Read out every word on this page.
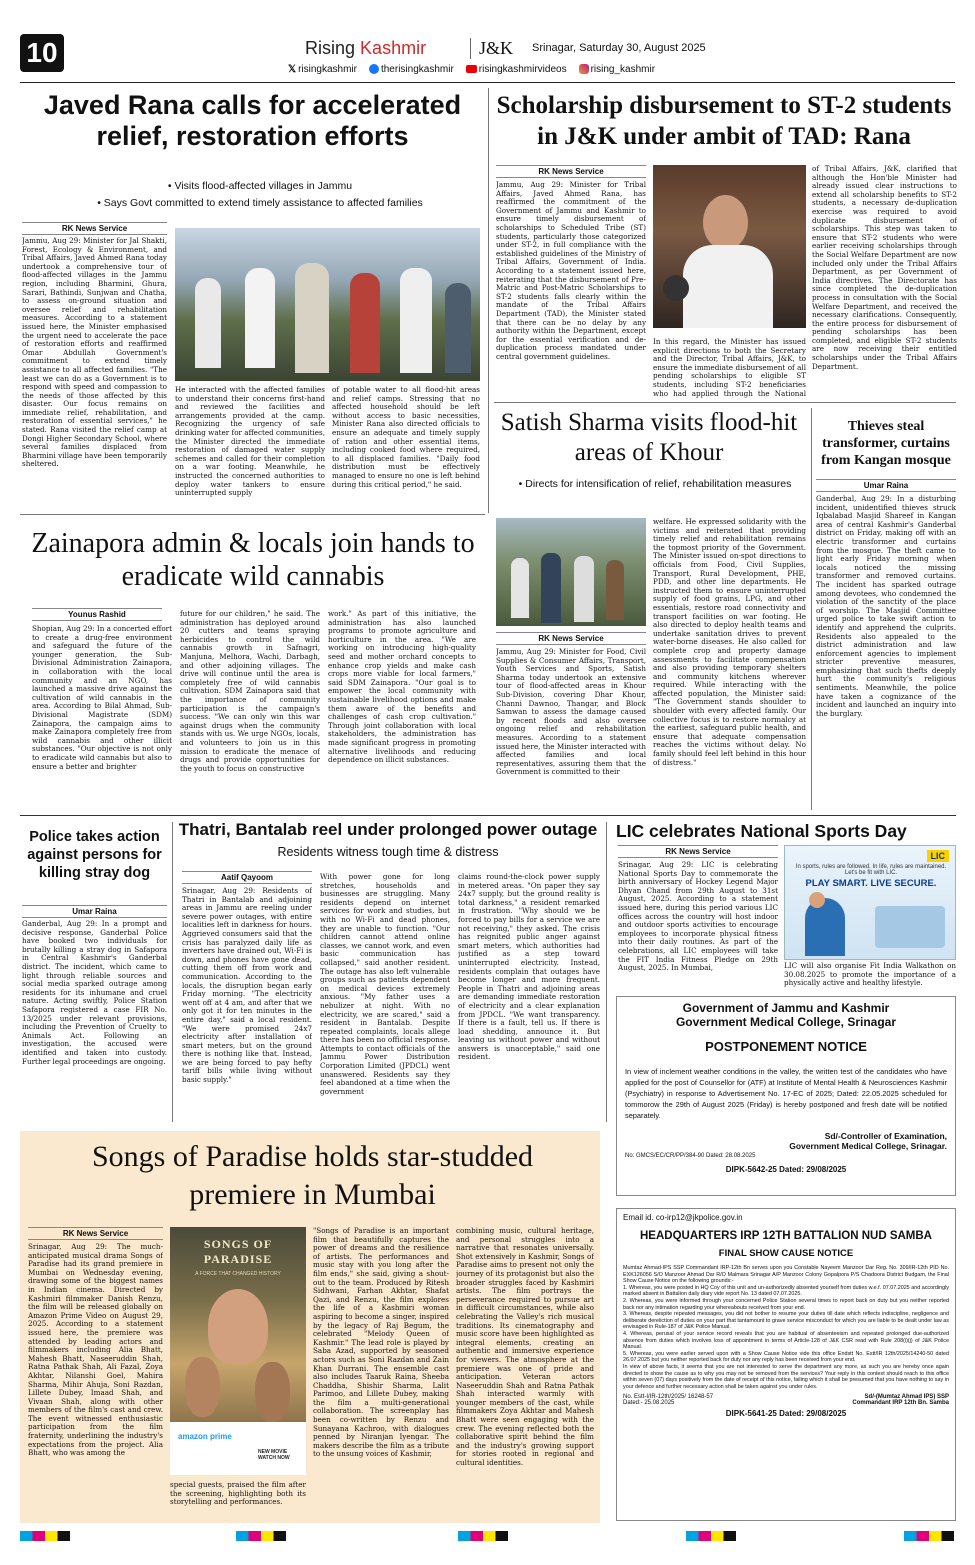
10	Rising Kashmir	J&K Srinagar, Saturday 30, August 2025
𝕏 risingkashmir therisingkashmir	risingkashmirvideos rising_kashmir
Javed Rana calls for accelerated relief, restoration efforts
• Visits flood-affected villages in Jammu
• Says Govt committed to extend timely assistance to affected families
RK News Service
Jammu, Aug 29: Minister for Jal Shakti, Forest, Ecology & Environment, and Tribal Affairs, Javed Ahmed Rana today undertook a comprehensive tour of flood-affected villages in the Jammu region, including Bharmini, Ghura, Sarari, Bathindi, Sunjwan and Chatha, to assess on-ground situation and oversee relief and rehabilitation measures. According to a statement issued here, the Minister emphasised the urgent need to accelerate the pace of restoration efforts and reaffirmed Omar Abdullah Government's commitment to extend timely assistance to all affected families. "The least we can do as a Government is to respond with speed and compassion to the needs of those affected by this disaster. Our focus remains on immediate relief, rehabilitation, and restoration of essential services," he stated. Rana visited the relief camp at Dongi Higher Secondary School, where several families displaced from Bharmini village have been temporarily sheltered.
He interacted with the affected families to understand their concerns first-hand and reviewed the facilities and arrangements provided at the camp. Recognizing the urgency of safe drinking water for affected communities, the Minister directed the immediate restoration of damaged water supply schemes and called for their completion on a war footing. Meanwhile, he instructed the concerned authorities to deploy water tankers to ensure uninterrupted supply
of potable water to all flood-hit areas and relief camps. Stressing that no affected household should be left without access to basic necessities, Minister Rana also directed officials to ensure an adequate and timely supply of ration and other essential items, including cooked food where required, to all displaced families. "Daily food distribution must be effectively managed to ensure no one is left behind during this critical period," he said.
Scholarship disbursement to ST-2 students in J&K under ambit of TAD: Rana
RK News Service
Jammu, Aug 29: Minister for Tribal Affairs, Javed Ahmed Rana, has reaffirmed the commitment of the Government of Jammu and Kashmir to ensure timely disbursement of scholarships to Scheduled Tribe (ST) students, particularly those categorized under ST-2, in full compliance with the established guidelines of the Ministry of Tribal Affairs, Government of India. According to a statement issued here, reiterating that the disbursement of Pre-Matric and Post-Matric Scholarships to ST-2 students falls clearly within the mandate of the Tribal Affairs Department (TAD), the Minister stated that there can be no delay by any authority within the Department, except for the essential verification and de-duplication process mandated under central government guidelines.
In this regard, the Minister has issued explicit directions to both the Secretary and the Director, Tribal Affairs, J&K, to ensure the immediate disbursement of all pending scholarships to eligible ST students, including ST-2 beneficiaries who had applied through the National
of Tribal Affairs, J&K, clarified that although the Hon'ble Minister had already issued clear instructions to extend all scholarship benefits to ST-2 students, a necessary de-duplication exercise was required to avoid duplicate disbursement of scholarships. This step was taken to ensure that ST-2 students who were earlier receiving scholarships through the Social Welfare Department are now included only under the Tribal Affairs Department, as per Government of India directives. The Directorate has since completed the de-duplication process in consultation with the Social Welfare Department, and received the necessary clarifications. Consequently, the entire process for disbursement of pending scholarships has been completed, and eligible ST-2 students are now receiving their entitled scholarships under the Tribal Affairs Department.
Satish Sharma visits flood-hit areas of Khour
• Directs for intensification of relief, rehabilitation measures
RK News Service
Jammu, Aug 29: Minister for Food, Civil Supplies & Consumer Affairs, Transport, Youth Services and Sports, Satish Sharma today undertook an extensive tour of flood-affected areas in Khour Sub-Division, covering Dhar Khour, Channi Dawnoo, Thangar, and Block Samwan to assess the damage caused by recent floods and also oversee ongoing relief and rehabilitation measures. According to a statement issued here, the Minister interacted with affected families and local representatives, assuring them that the Government is committed to their
welfare. He expressed solidarity with the victims and reiterated that providing timely relief and rehabilitation remains the topmost priority of the Government. The Minister issued on-spot directions to officials from Food, Civil Supplies, Transport, Rural Development, PHE, PDD, and other line departments. He instructed them to ensure uninterrupted supply of food grains, LPG, and other essentials, restore road connectivity and transport facilities on war footing. He also directed to deploy health teams and undertake sanitation drives to prevent water-borne diseases. He also called for complete crop and property damage assessments to facilitate compensation and also providing temporary shelters and community kitchens wherever required. While interacting with the affected population, the Minister said: "The Government stands shoulder to shoulder with every affected family. Our collective focus is to restore normalcy at the earliest, safeguard public health, and ensure that adequate compensation reaches the victims without delay. No family should feel left behind in this hour of distress."
Thieves steal transformer, curtains from Kangan mosque
Umar Raina
Ganderbal, Aug 29: In a disturbing incident, unidentified thieves struck Iqbalabad Masjid Shareef in Kangan area of central Kashmir's Ganderbal district on Friday, making off with an electric transformer and curtains from the mosque. The theft came to light early Friday morning when locals noticed the missing transformer and removed curtains. The incident has sparked outrage among devotees, who condemned the violation of the sanctity of the place of worship. The Masjid Committee urged police to take swift action to identify and apprehend the culprits. Residents also appealed to the district administration and law enforcement agencies to implement stricter preventive measures, emphasizing that such thefts deeply hurt the community's religious sentiments. Meanwhile, the police have taken a cognizance of the incident and launched an inquiry into the burglary.
Zainapora admin & locals join hands to eradicate wild cannabis
Younus Rashid
Shopian, Aug 29: In a concerted effort to create a drug-free environment and safeguard the future of the younger generation, the Sub-Divisional Administration Zainapora, in collaboration with the local community and an NGO, has launched a massive drive against the cultivation of wild cannabis in the area. According to Bilal Ahmad, Sub-Divisional Magistrate (SDM) Zainapora, the campaign aims to make Zainapora completely free from wild cannabis and other illicit substances. "Our objective is not only to eradicate wild cannabis but also to ensure a better and brighter
future for our children," he said. The administration has deployed around 20 cutters and teams spraying herbicides to control the wild cannabis growth in Safnagri, Manjuna, Melhora, Wachi, Darbagh, and other adjoining villages. The drive will continue until the area is completely free of wild cannabis cultivation. SDM Zainapora said that the importance of community participation is the campaign's success. "We can only win this war against drugs when the community stands with us. We urge NGOs, locals, and volunteers to join us in this mission to eradicate the menace of drugs and provide opportunities for the youth to focus on constructive
work." As part of this initiative, the administration has also launched programs to promote agriculture and horticulture in the area. "We are working on introducing high-quality seed and mother orchard concepts to enhance crop yields and make cash crops more viable for local farmers," said SDM Zainapora. "Our goal is to empower the local community with sustainable livelihood options and make them aware of the benefits and challenges of cash crop cultivation." Through joint collaboration with local stakeholders, the administration has made significant progress in promoting alternative livelihoods and reducing dependence on illicit substances.
Police takes action against persons for killing stray dog
Umar Raina
Ganderbal, Aug 29: In a prompt and decisive response, Ganderbal Police have booked two individuals for brutally killing a stray dog in Safapora in Central Kashmir's Ganderbal district. The incident, which came to light through reliable sources and social media sparked outrage among residents for its inhumane and cruel nature. Acting swiftly, Police Station Safapora registered a case FIR No. 13/2025 under relevant provisions, including the Prevention of Cruelty to Animals Act. Following an investigation, the accused were identified and taken into custody. Further legal proceedings are ongoing.
Thatri, Bantalab reel under prolonged power outage
Residents witness tough time & distress
Aatif Qayoom
Srinagar, Aug 29: Residents of Thatri in Bantalab and adjoining areas in Jammu are reeling under severe power outages, with entire localities left in darkness for hours. Aggrieved consumers said that the crisis has paralyzed daily life as inverters have drained out, Wi-Fi is down, and phones have gone dead, cutting them off from work and communication. According to the locals, the disruption began early Friday morning. "The electricity went off at 4 am, and after that we only got it for ten minutes in the entire day," said a local resident. "We were promised 24x7 electricity after installation of smart meters, but on the ground there is nothing like that. Instead, we are being forced to pay hefty tariff bills while living without basic supply."
With power gone for long stretches, households and businesses are struggling. Many residents depend on internet services for work and studies, but with no Wi-Fi and dead phones, they are unable to function. "Our children cannot attend online classes, we cannot work, and even basic communication has collapsed," said another resident. The outage has also left vulnerable groups such as patients dependent on medical devices extremely anxious. "My father uses a nebulizer at night. With no electricity, we are scared," said a resident in Bantalab. Despite repeated complaints, locals allege there has been no official response. Attempts to contact officials of the Jammu Power Distribution Corporation Limited (JPDCL) went unanswered. Residents say they feel abandoned at a time when the government
claims round-the-clock power supply in metered areas. "On paper they say 24x7 supply, but the ground reality is total darkness," a resident remarked in frustration. "Why should we be forced to pay bills for a service we are not receiving," they asked. The crisis has reignited public anger against smart meters, which authorities had justified as a step toward uninterrupted electricity. Instead, residents complain that outages have become longer and more frequent. People in Thatri and adjoining areas are demanding immediate restoration of electricity and a clear explanation from JPDCL. "We want transparency. If there is a fault, tell us. If there is load shedding, announce it. But leaving us without power and without answers is unacceptable," said one resident.
LIC celebrates National Sports Day
RK News Service
Srinagar, Aug 29: LIC is celebrating National Sports Day to commemorate the birth anniversary of Hockey Legend Major Dhyan Chand from 29th August to 31st August, 2025. According to a statement issued here, during this period various LIC offices across the country will host indoor and outdoor sports activities to encourage employees to incorporate physical fitness into their daily routines. As part of the celebrations, all LIC employees will take the FIT India Fitness Pledge on 29th August, 2025. In Mumbai,
LIC
In sports, rules are followed. In life, rules are maintained. Let's be fit with LIC.
PLAY SMART. LIVE SECURE.
LIC will also organise Fit India Walkathon on 30.08.2025 to promote the importance of a physically active and healthy lifestyle.
Government of Jammu and Kashmir
Government Medical College, Srinagar
POSTPONEMENT NOTICE
In view of inclement weather conditions in the valley, the written test of the candidates who have applied for the post of Counsellor for (ATF) at Institute of Mental Health & Neurosciences Kashmir (Psychiatry) in response to Advertisement No. 17-EC of 2025; Dated: 22.05.2025 scheduled for tommorow the 29th of August 2025 (Friday) is hereby postponed and fresh date will be notified separately.
Sd/-Controller of Examination,
Government Medical College, Srinagar.
No: GMCS/EC/CR/PP/384-90 Dated: 28.08.2025
DIPK-5642-25 Dated: 29/08/2025
Email id. co-irp12@jkpolice.gov.in
HEADQUARTERS IRP 12TH BATTALION NUD SAMBA
FINAL SHOW CAUSE NOTICE

Mumtaz Ahmad-IPS SSP Commandant IRP-12th Bn serves upon you Constable Nayeem Manzoor Dar Reg. No. 309/IR-12th PID No. EXK126056 S/O Manzoor Ahmad Dar R/O Malmara Srinagar A/P Manzoor Colony Gopalpora P/S Chadoora District Budgam, the Final Show Cause Notice on the following grounds:-

1. Whereas, you were posted in HQ Coy of this unit and un-authorizedly absented yourself from duties w.e.f. 07.07.2025 and accordingly marked absent in Battalion daily diary vide report No. 13 dated 07.07.2025.

2. Whereas, you were informed through your concerned Police Station several times to report back on duty but you neither reported back nor any intimation regarding your whereabouts received from your end.

3. Whereas, despite repeated messages, you did not bother to resume your duties till date which reflects indiscipline, negligence and deliberate dereliction of duties on your part that tantamount to grave service misconduct for which you are liable to be dealt under law as envisaged in Rule-187 of J&K Police Manual.

4. Whereas, perusal of your service record reveals that you are habitual of absenteeism and repeated prolonged due-authorized absence from duties which involves loss of appointment in terms of Article-128 of J&K CSR read with Rule 208(i)(j) of J&K Police Manual.

5. Whereas, you were earlier served upon with a Show Cause Notice vide this office Endstt No. Estt/IR 12th/2025/14240-50 dated 26.07.2025 but you neither reported back for duty nor any reply has been received from your end.

In view of above facts, it seems that you are not interested to serve the department any more, as such you are hereby once again directed to show the cause as to why you may not be removed from the services? Your reply in this context should reach to this office within seven (07) days positively from the date of receipt of this notice, failing which it shall be presumed that you have nothing to say in your defence and further necessary action shall be taken against you under rules.

No. Estt-I/IR-12th/2025/ 16248-57
Dated:- 25.08.2025
Sd/-(Mumtaz Ahmad IPS) SSP
Commandant IRP 12th Bn. Samba
DIPK-5641-25 Dated: 29/08/2025
Songs of Paradise holds star-studded premiere in Mumbai
RK News Service
Srinagar, Aug 29: The much-anticipated musical drama Songs of Paradise had its grand premiere in Mumbai on Wednesday evening, drawing some of the biggest names in Indian cinema. Directed by Kashmiri filmmaker Danish Renzu, the film will be released globally on Amazon Prime Video on August 29, 2025. According to a statement issued here, the premiere was attended by leading actors and filmmakers including Alia Bhatt, Mahesh Bhatt, Naseeruddin Shah, Ratna Pathak Shah, Ali Fazal, Zoya Akhtar, Nilanshi Goel, Mahira Sharma, Mihir Ahuja, Soni Razdan, Lillete Dubey, Imaad Shah, and Vivaan Shah, along with other members of the film's cast and crew. The event witnessed enthusiastic participation from the film fraternity, underlining the industry's expectations from the project. Alia Bhatt, who was among the
SONGS OF PARADISE
A FORCE THAT CHANGED HISTORY
amazon prime
NEW MOVIE WATCH NOW
special guests, praised the film after the screening, highlighting both its storytelling and performances.
"Songs of Paradise is an important film that beautifully captures the power of dreams and the resilience of artists. The performances and music stay with you long after the film ends," she said, giving a shout-out to the team. Produced by Ritesh Sidhwani, Farhan Akhtar, Shafat Qazi, and Renzu, the film explores the life of a Kashmiri woman aspiring to become a singer, inspired by the legacy of Raj Begum, the celebrated "Melody Queen of Kashmir." The lead role is played by Saba Azad, supported by seasoned actors such as Soni Razdan and Zain Khan Durrani. The ensemble cast also includes Taaruk Raina, Sheeba Chaddha, Shishir Sharma, Lalit Parimoo, and Lillete Dubey, making the film a multi-generational collaboration. The screenplay has been co-written by Renzu and Sunayana Kachroo, with dialogues penned by Niranjan Iyengar. The makers describe the film as a tribute to the unsung voices of Kashmir,
combining music, cultural heritage, and personal struggles into a narrative that resonates universally. Shot extensively in Kashmir, Songs of Paradise aims to present not only the journey of its protagonist but also the broader struggles faced by Kashmiri artists. The film portrays the perseverance required to pursue art in difficult circumstances, while also celebrating the Valley's rich musical traditions. Its cinematography and music score have been highlighted as integral elements, creating an authentic and immersive experience for viewers. The atmosphere at the premiere was one of pride and anticipation. Veteran actors Naseeruddin Shah and Ratna Pathak Shah interacted warmly with younger members of the cast, while filmmakers Zoya Akhtar and Mahesh Bhatt were seen engaging with the crew. The evening reflected both the collaborative spirit behind the film and the industry's growing support for stories rooted in regional and cultural identities.
